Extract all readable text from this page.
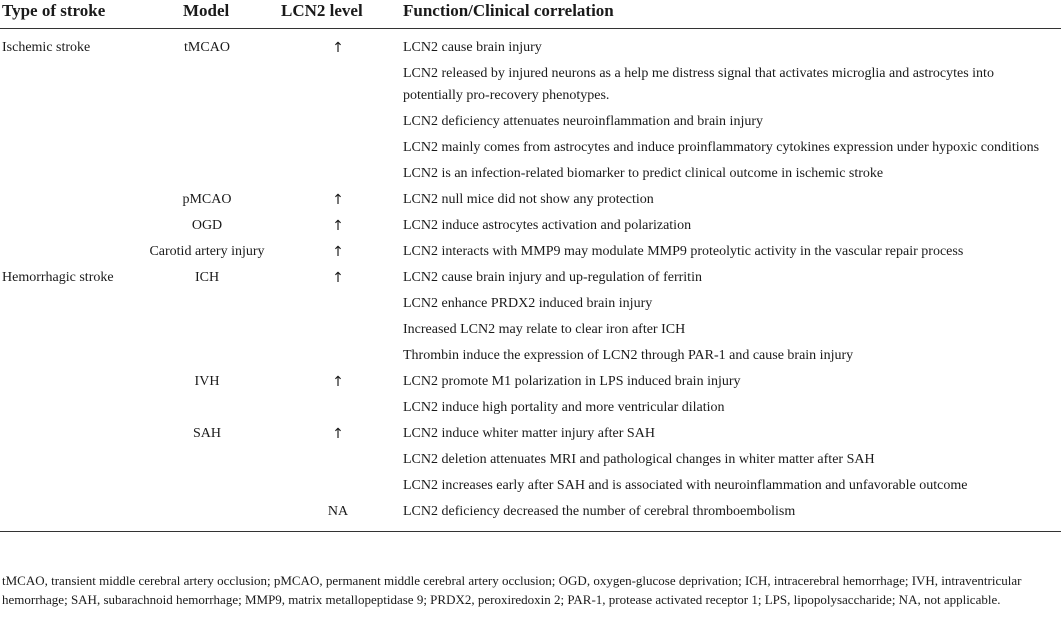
Type of stroke	Model	LCN2 level	Function/Clinical correlation
Ischemic stroke	tMCAO	↑	LCN2 cause brain injury
			LCN2 released by injured neurons as a help me distress signal that activates microglia and astrocytes into potentially pro-recovery phenotypes.
			LCN2 deficiency attenuates neuroinflammation and brain injury
			LCN2 mainly comes from astrocytes and induce proinflammatory cytokines expression under hypoxic conditions
			LCN2 is an infection-related biomarker to predict clinical outcome in ischemic stroke
	pMCAO	↑	LCN2 null mice did not show any protection
	OGD	↑	LCN2 induce astrocytes activation and polarization
	Carotid artery injury	↑	LCN2 interacts with MMP9 may modulate MMP9 proteolytic activity in the vascular repair process
Hemorrhagic stroke	ICH	↑	LCN2 cause brain injury and up-regulation of ferritin
			LCN2 enhance PRDX2 induced brain injury
			Increased LCN2 may relate to clear iron after ICH
			Thrombin induce the expression of LCN2 through PAR-1 and cause brain injury
	IVH	↑	LCN2 promote M1 polarization in LPS induced brain injury
			LCN2 induce high portality and more ventricular dilation
	SAH	↑	LCN2 induce whiter matter injury after SAH
			LCN2 deletion attenuates MRI and pathological changes in whiter matter after SAH
			LCN2 increases early after SAH and is associated with neuroinflammation and unfavorable outcome
		NA	LCN2 deficiency decreased the number of cerebral thromboembolism
tMCAO, transient middle cerebral artery occlusion; pMCAO, permanent middle cerebral artery occlusion; OGD, oxygen-glucose deprivation; ICH, intracerebral hemorrhage; IVH, intraventricular hemorrhage; SAH, subarachnoid hemorrhage; MMP9, matrix metallopeptidase 9; PRDX2, peroxiredoxin 2; PAR-1, protease activated receptor 1; LPS, lipopolysaccharide; NA, not applicable.
